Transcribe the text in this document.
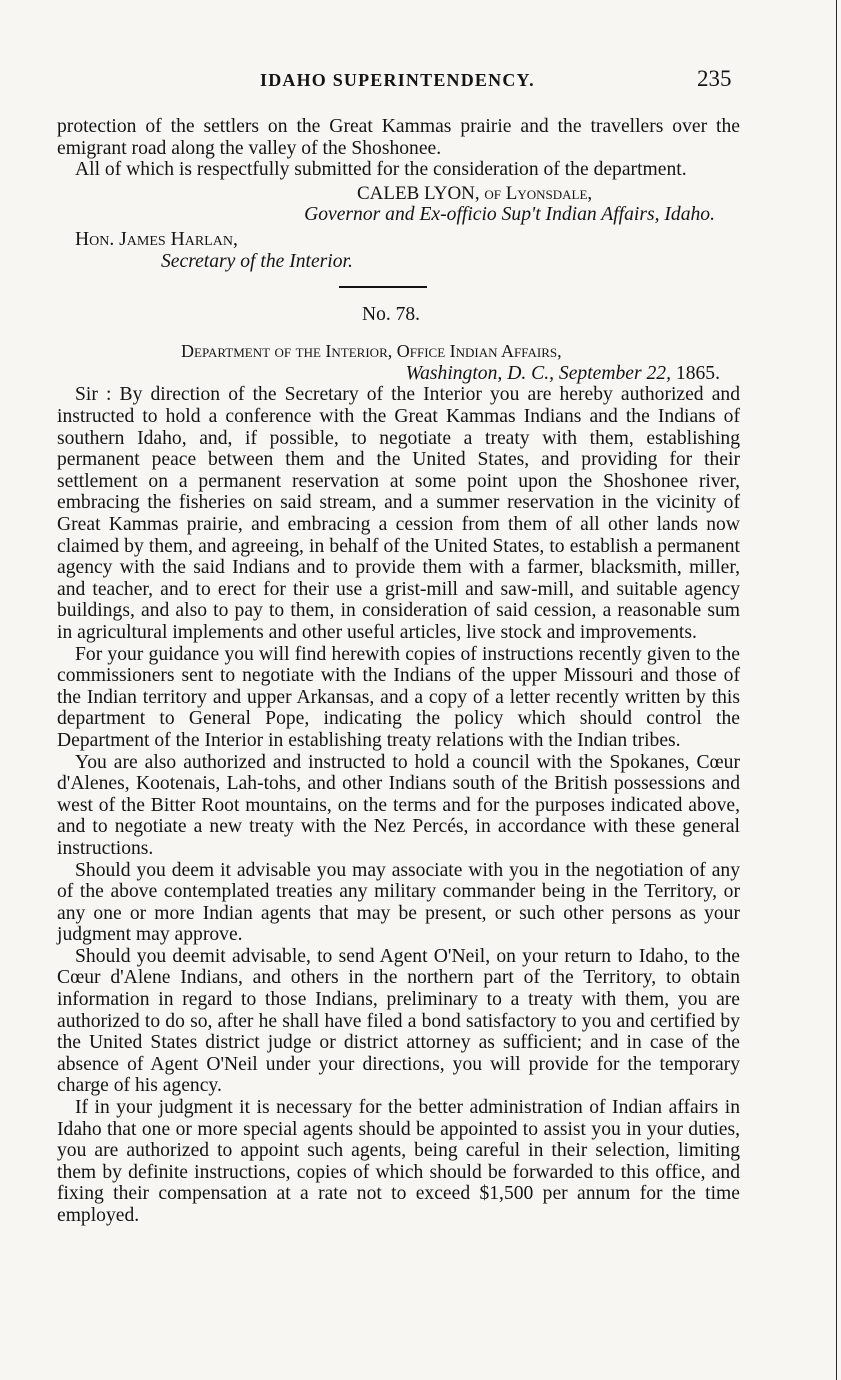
IDAHO SUPERINTENDENCY.	235

protection of the settlers on the Great Kammas prairie and the travellers over the emigrant road along the valley of the Shoshonee.

All of which is respectfully submitted for the consideration of the department.

CALEB LYON, of Lyonsdale,

Governor and Ex-officio Sup't Indian Affairs, Idaho.

Hon. James Harlan,

Secretary of the Interior.

No. 78.

Department of the Interior, Office Indian Affairs,

Washington, D. C., September 22, 1865.

Sir : By direction of the Secretary of the Interior you are hereby authorized and instructed to hold a conference with the Great Kammas Indians and the Indians of southern Idaho, and, if possible, to negotiate a treaty with them, establishing permanent peace between them and the United States, and providing for their settlement on a permanent reservation at some point upon the Shoshonee river, embracing the fisheries on said stream, and a summer reservation in the vicinity of Great Kammas prairie, and embracing a cession from them of all other lands now claimed by them, and agreeing, in behalf of the United States, to establish a permanent agency with the said Indians and to provide them with a farmer, blacksmith, miller, and teacher, and to erect for their use a grist-mill and saw-mill, and suitable agency buildings, and also to pay to them, in consideration of said cession, a reasonable sum in agricultural implements and other useful articles, live stock and improvements.

For your guidance you will find herewith copies of instructions recently given to the commissioners sent to negotiate with the Indians of the upper Missouri and those of the Indian territory and upper Arkansas, and a copy of a letter recently written by this department to General Pope, indicating the policy which should control the Department of the Interior in establishing treaty relations with the Indian tribes.

You are also authorized and instructed to hold a council with the Spokanes, Cœur d'Alenes, Kootenais, Lah-tohs, and other Indians south of the British possessions and west of the Bitter Root mountains, on the terms and for the purposes indicated above, and to negotiate a new treaty with the Nez Percés, in accordance with these general instructions.

Should you deem it advisable you may associate with you in the negotiation of any of the above contemplated treaties any military commander being in the Territory, or any one or more Indian agents that may be present, or such other persons as your judgment may approve.

Should you deemit advisable, to send Agent O'Neil, on your return to Idaho, to the Cœur d'Alene Indians, and others in the northern part of the Territory, to obtain information in regard to those Indians, preliminary to a treaty with them, you are authorized to do so, after he shall have filed a bond satisfactory to you and certified by the United States district judge or district attorney as sufficient; and in case of the absence of Agent O'Neil under your directions, you will provide for the temporary charge of his agency.

If in your judgment it is necessary for the better administration of Indian affairs in Idaho that one or more special agents should be appointed to assist you in your duties, you are authorized to appoint such agents, being careful in their selection, limiting them by definite instructions, copies of which should be forwarded to this office, and fixing their compensation at a rate not to exceed $1,500 per annum for the time employed.
